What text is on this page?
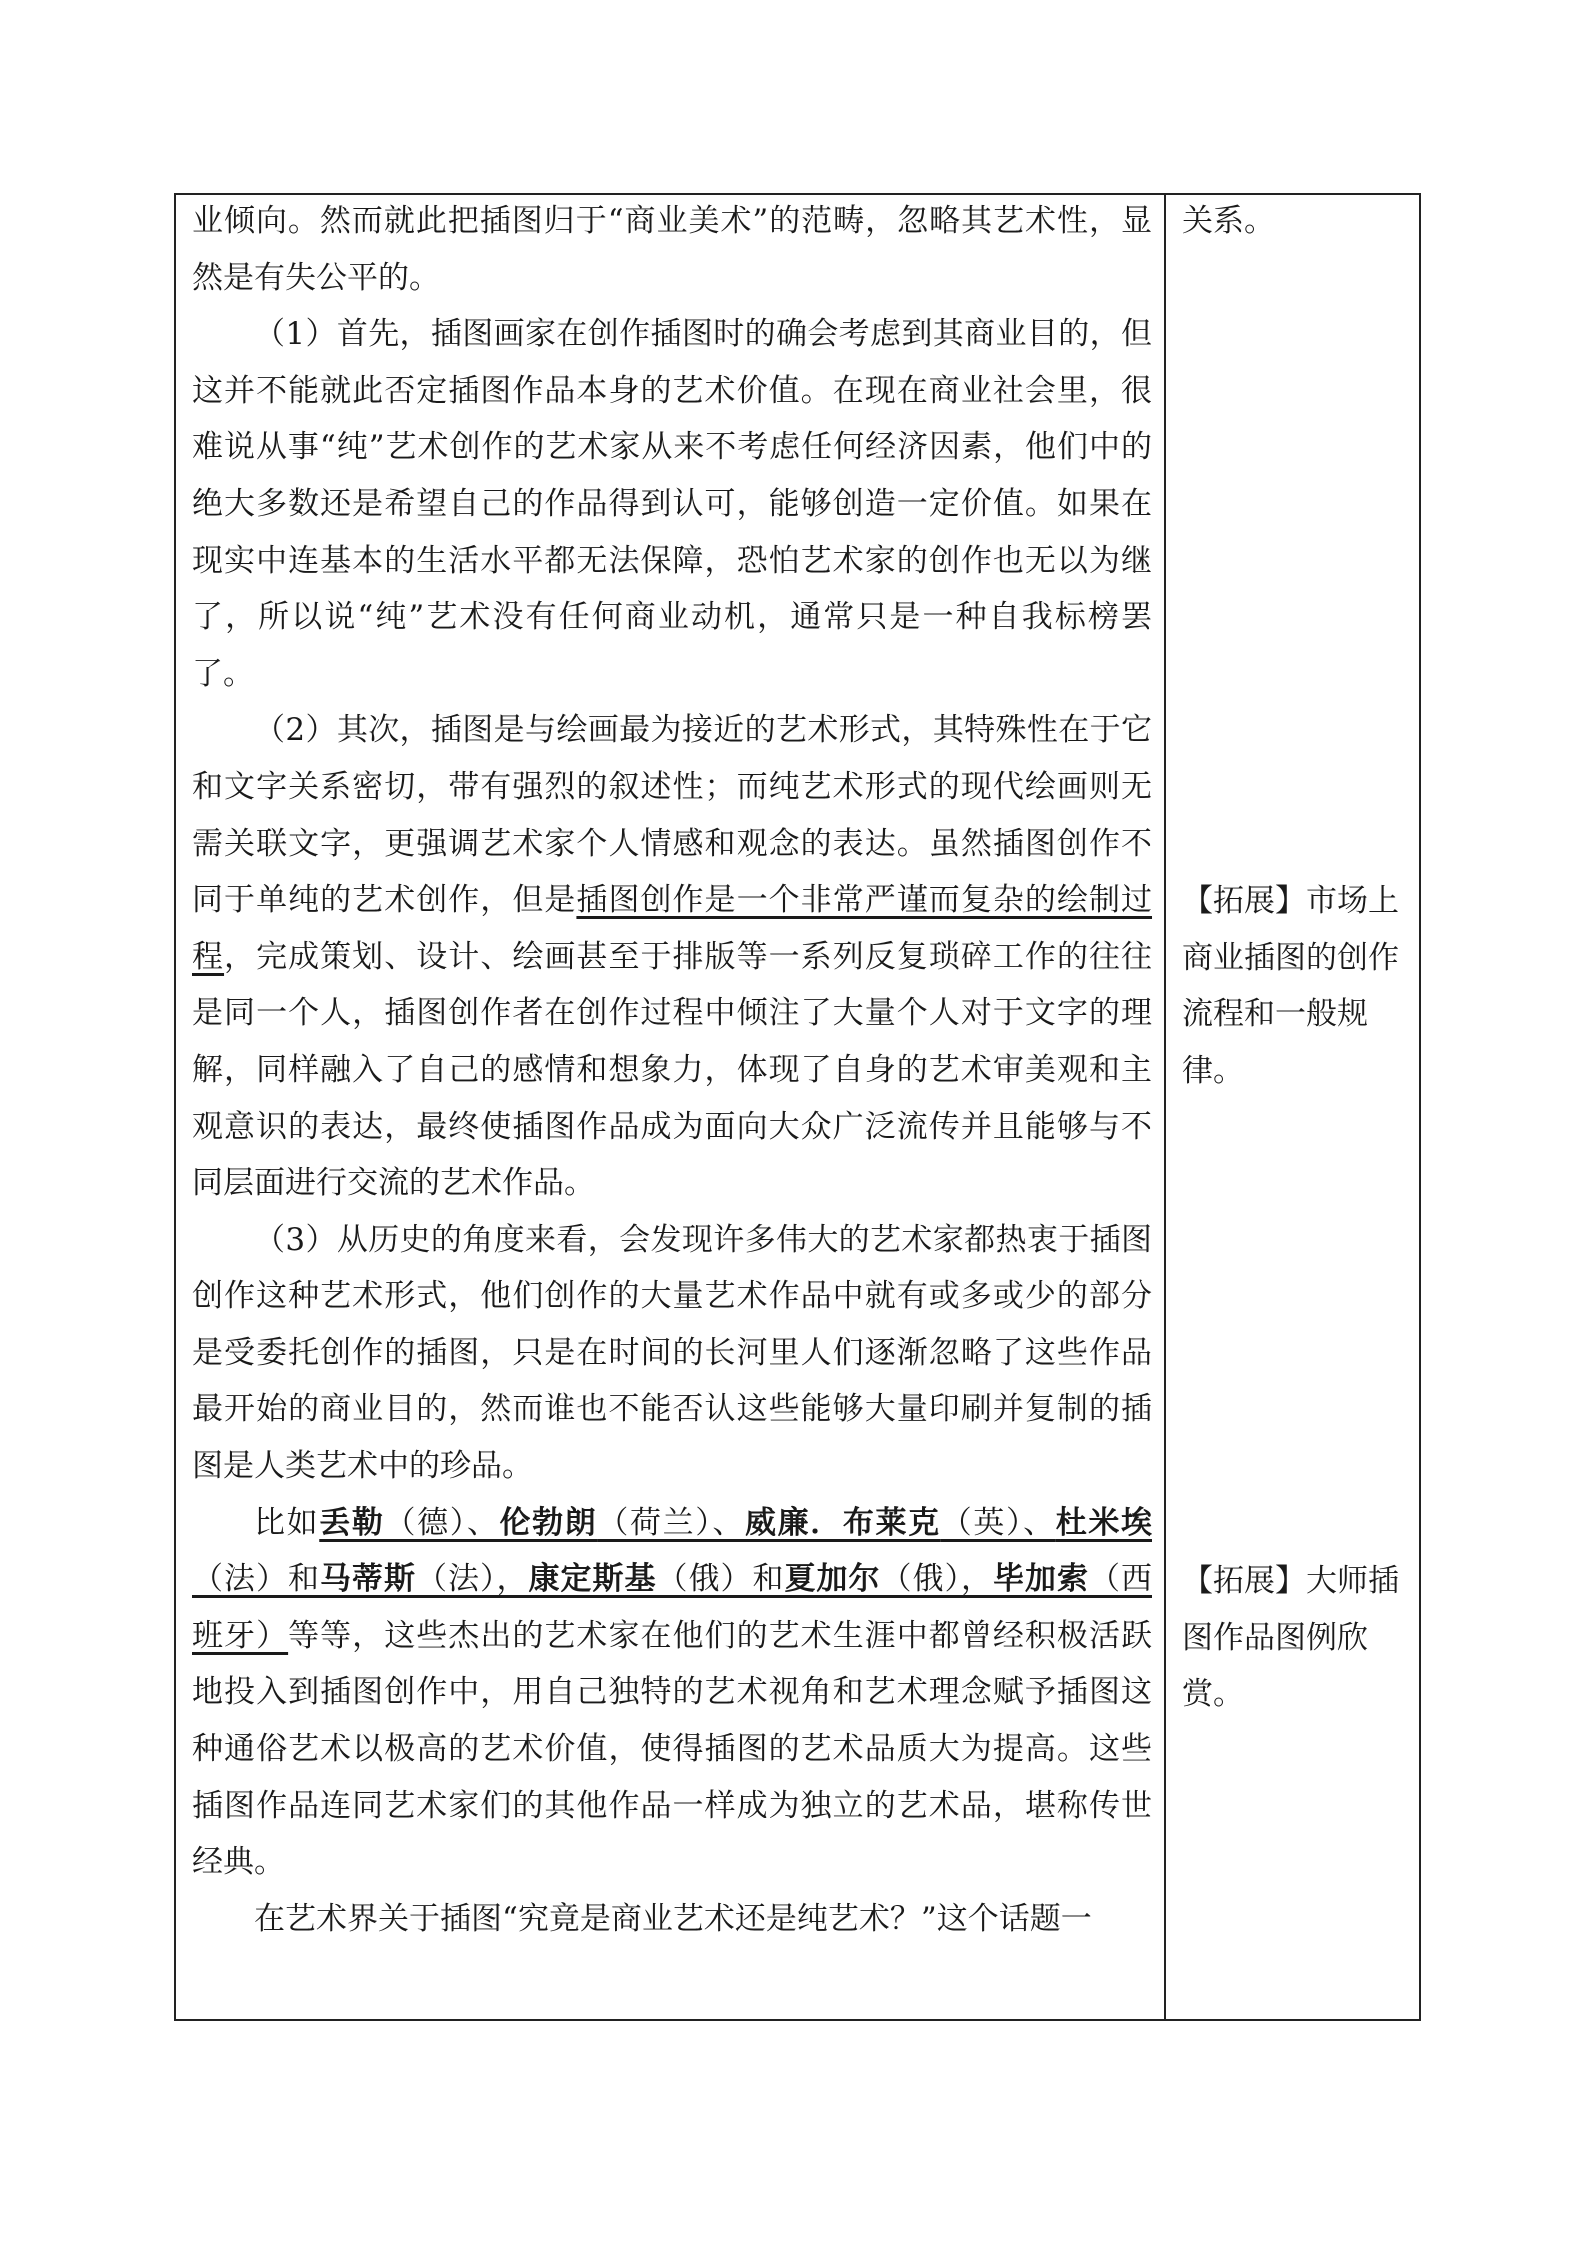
业倾向。然而就此把插图归于“商业美术”的范畴，忽略其艺术性，显然是有失公平的。

（1）首先，插图画家在创作插图时的确会考虑到其商业目的，但这并不能就此否定插图作品本身的艺术价值。在现在商业社会里，很难说从事“纯”艺术创作的艺术家从来不考虑任何经济因素，他们中的绝大多数还是希望自己的作品得到认可，能够创造一定价值。如果在现实中连基本的生活水平都无法保障，恐怕艺术家的创作也无以为继了，所以说“纯”艺术没有任何商业动机，通常只是一种自我标榜罢了。

（2）其次，插图是与绘画最为接近的艺术形式，其特殊性在于它和文字关系密切，带有强烈的叙述性；而纯艺术形式的现代绘画则无需关联文字，更强调艺术家个人情感和观念的表达。虽然插图创作不同于单纯的艺术创作，但是插图创作是一个非常严谨而复杂的绘制过程，完成策划、设计、绘画甚至于排版等一系列反复琐碎工作的往往是同一个人，插图创作者在创作过程中倾注了大量个人对于文字的理解，同样融入了自己的感情和想象力，体现了自身的艺术审美观和主观意识的表达，最终使插图作品成为面向大众广泛流传并且能够与不同层面进行交流的艺术作品。

（3）从历史的角度来看，会发现许多伟大的艺术家都热衷于插图创作这种艺术形式，他们创作的大量艺术作品中就有或多或少的部分是受委托创作的插图，只是在时间的长河里人们逐渐忽略了这些作品最开始的商业目的，然而谁也不能否认这些能够大量印刷并复制的插图是人类艺术中的珍品。

比如丢勒（德）、伦勃朗（荷兰）、威廉．布莱克（英）、杜米埃（法）和马蒂斯（法），康定斯基（俄）和夏加尔（俄），毕加索（西班牙）等等，这些杰出的艺术家在他们的艺术生涯中都曾经积极活跃地投入到插图创作中，用自己独特的艺术视角和艺术理念赋予插图这种通俗艺术以极高的艺术价值，使得插图的艺术品质大为提高。这些插图作品连同艺术家们的其他作品一样成为独立的艺术品，堪称传世经典。

在艺术界关于插图“究竟是商业艺术还是纯艺术？”这个话题一

关系。
【拓展】市场上商业插图的创作流程和一般规律。
【拓展】大师插图作品图例欣赏。
